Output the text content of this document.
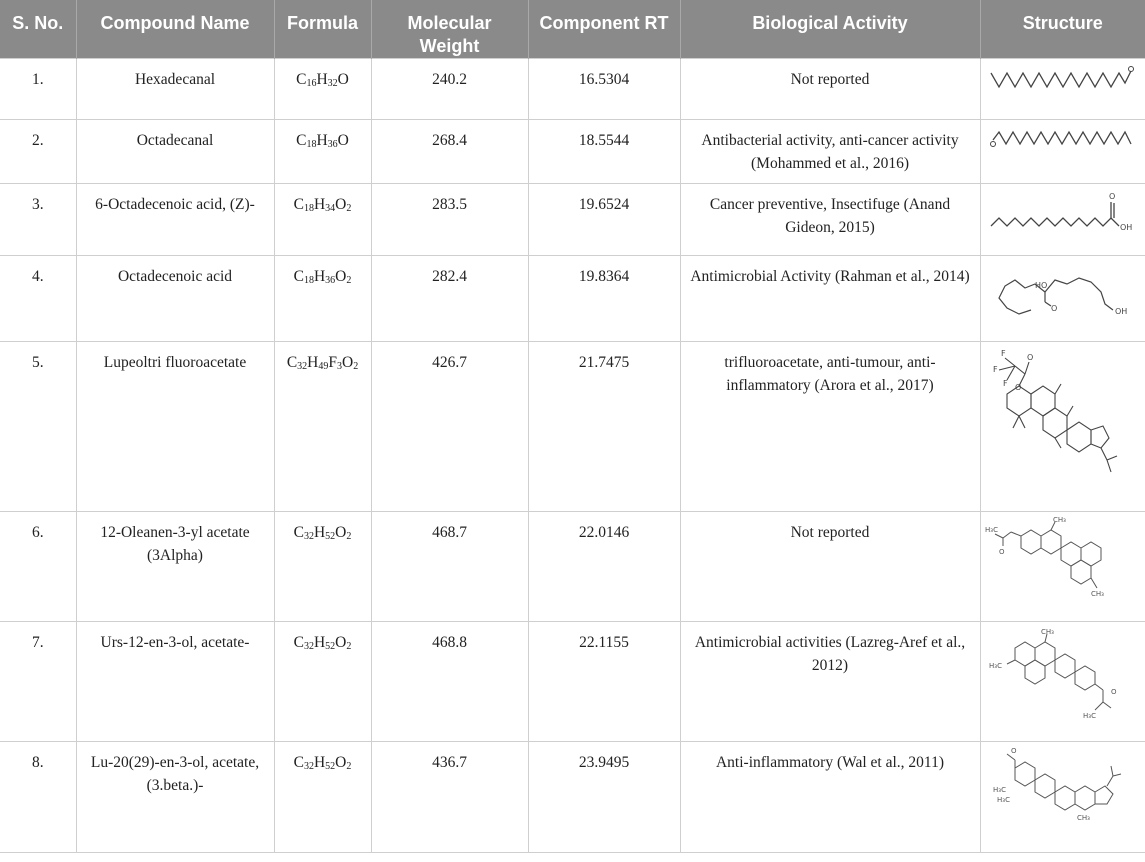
S. No.	Compound Name	Formula	Molecular Weight	Component RT	Biological Activity	Structure
1.	Hexadecanal	$C_{16}H_{32}O$	240.2	16.5304	Not reported	

2.	Octadecanal	$C_{18}H_{36}O$	268.4	18.5544	Antibacterial activity, anti-cancer activity (Mohammed et al., 2016)	

3.	6-Octadecenoic acid, (Z)-	$C_{18}H_{34}O_2$	283.5	19.6524	Cancer preventive, Insectifuge (Anand Gideon, 2015)	O
OH

4.	Octadecenoic acid	$C_{18}H_{36}O_2$	282.4	19.8364	Antimicrobial Activity (Rahman et al., 2014)	HO
O OH

5.	Lupeoltri fluoroacetate	$C_{32}H_{49}F_3O_2$	426.7	21.7475	trifluoroacetate, anti-tumour, anti-inflammatory (Arora et al., 2017)	F
F
F
O
O

6.	12-Oleanen-3-yl acetate (3Alpha)	$C_{32}H_{52}O_2$	468.7	22.0146	Not reported	H₃C
O
CH₃
CH₃

7.	Urs-12-en-3-ol, acetate-	$C_{32}H_{52}O_2$	468.8	22.1155	Antimicrobial activities (Lazreg-Aref et al., 2012)	CH₃
H₃C
O
H₃C

8.	Lu-20(29)-en-3-ol, acetate, (3.beta.)-	$C_{32}H_{52}O_2$	436.7	23.9495	Anti-inflammatory (Wal et al., 2011)	O
H₃C
H₃C
CH₃
